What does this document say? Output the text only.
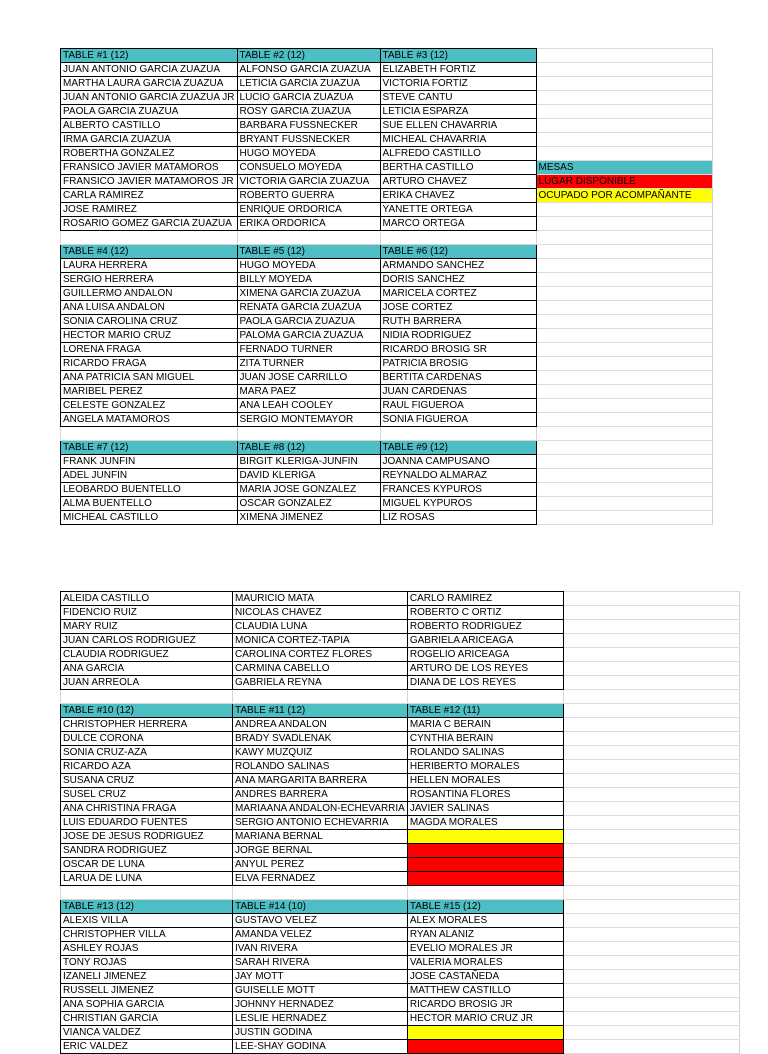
TABLE #1 (12)	TABLE #2 (12)	TABLE #3 (12)	
JUAN ANTONIO GARCIA ZUAZUA	ALFONSO GARCIA ZUAZUA	ELIZABETH FORTIZ	
MARTHA LAURA GARCIA ZUAZUA	LETICIA GARCIA ZUAZUA	VICTORIA FORTIZ	
JUAN ANTONIO GARCIA ZUAZUA JR	LUCIO GARCIA ZUAZUA	STEVE CANTU	
PAOLA GARCIA ZUAZUA	ROSY GARCIA ZUAZUA	LETICIA ESPARZA	
ALBERTO CASTILLO	BARBARA FUSSNECKER	SUE ELLEN CHAVARRIA	
IRMA GARCIA ZUAZUA	BRYANT FUSSNECKER	MICHEAL CHAVARRIA	
ROBERTHA GONZALEZ	HUGO MOYEDA	ALFREDO CASTILLO	
FRANSICO JAVIER MATAMOROS	CONSUELO MOYEDA	BERTHA CASTILLO	MESAS
FRANSICO JAVIER MATAMOROS JR	VICTORIA GARCIA ZUAZUA	ARTURO CHAVEZ	LUGAR DISPONIBLE
CARLA RAMIREZ	ROBERTO GUERRA	ERIKA CHAVEZ	OCUPADO POR ACOMPAÑANTE
JOSE RAMIREZ	ENRIQUE ORDORICA	YANETTE ORTEGA	
ROSARIO GOMEZ GARCIA ZUAZUA	ERIKA ORDORICA	MARCO ORTEGA	

TABLE #4 (12)	TABLE #5 (12)	TABLE #6 (12)	
LAURA HERRERA	HUGO MOYEDA	ARMANDO SANCHEZ	
SERGIO HERRERA	BILLY MOYEDA	DORIS SANCHEZ	
GUILLERMO ANDALON	XIMENA GARCIA ZUAZUA	MARICELA CORTEZ	
ANA LUISA ANDALON	RENATA GARCIA ZUAZUA	JOSE CORTEZ	
SONIA CAROLINA CRUZ	PAOLA GARCIA ZUAZUA	RUTH BARRERA	
HECTOR MARIO CRUZ	PALOMA GARCIA ZUAZUA	NIDIA RODRIGUEZ	
LORENA FRAGA	FERNADO TURNER	RICARDO BROSIG SR	
RICARDO FRAGA	ZITA TURNER	PATRICIA BROSIG	
ANA PATRICIA SAN MIGUEL	JUAN JOSE CARRILLO	BERTITA CARDENAS	
MARIBEL PEREZ	MARA PAEZ	JUAN CARDENAS	
CELESTE GONZALEZ	ANA LEAH COOLEY	RAUL FIGUEROA	
ANGELA MATAMOROS	SERGIO MONTEMAYOR	SONIA FIGUEROA	

TABLE #7 (12)	TABLE #8 (12)	TABLE #9 (12)	
FRANK JUNFIN	BIRGIT KLERIGA-JUNFIN	JOANNA CAMPUSANO	
ADEL JUNFIN	DAVID KLERIGA	REYNALDO ALMARAZ	
LEOBARDO BUENTELLO	MARIA JOSE GONZALEZ	FRANCES KYPUROS	
ALMA BUENTELLO	OSCAR GONZALEZ	MIGUEL KYPUROS	
MICHEAL CASTILLO	XIMENA JIMENEZ	LIZ ROSAS	
ALEIDA CASTILLO	MAURICIO MATA	CARLO RAMIREZ	
FIDENCIO RUIZ	NICOLAS CHAVEZ	ROBERTO C ORTIZ	
MARY RUIZ	CLAUDIA LUNA	ROBERTO RODRIGUEZ	
JUAN CARLOS RODRIGUEZ	MONICA CORTEZ-TAPIA	GABRIELA ARICEAGA	
CLAUDIA RODRIGUEZ	CAROLINA CORTEZ FLORES	ROGELIO ARICEAGA	
ANA GARCIA	CARMINA CABELLO	ARTURO DE LOS REYES	
JUAN ARREOLA	GABRIELA REYNA	DIANA DE LOS REYES	

TABLE #10 (12)	TABLE #11 (12)	TABLE #12 (11)	
CHRISTOPHER HERRERA	ANDREA ANDALON	MARIA C BERAIN	
DULCE CORONA	BRADY SVADLENAK	CYNTHIA BERAIN	
SONIA CRUZ-AZA	KAWY MUZQUIZ	ROLANDO SALINAS	
RICARDO AZA	ROLANDO SALINAS	HERIBERTO MORALES	
SUSANA CRUZ	ANA MARGARITA BARRERA	HELLEN MORALES	
SUSEL CRUZ	ANDRES BARRERA	ROSANTINA FLORES	
ANA CHRISTINA FRAGA	MARIAANA ANDALON-ECHEVARRIA	JAVIER SALINAS	
LUIS EDUARDO FUENTES	SERGIO ANTONIO ECHEVARRIA	MAGDA MORALES	
JOSE DE JESUS RODRIGUEZ	MARIANA BERNAL		
SANDRA RODRIGUEZ	JORGE BERNAL		
OSCAR DE LUNA	ANYUL PEREZ		
LARUA DE LUNA	ELVA FERNADEZ		

TABLE #13 (12)	TABLE #14 (10)	TABLE #15 (12)	
ALEXIS VILLA	GUSTAVO VELEZ	ALEX MORALES	
CHRISTOPHER VILLA	AMANDA VELEZ	RYAN ALANIZ	
ASHLEY ROJAS	IVAN RIVERA	EVELIO MORALES JR	
TONY ROJAS	SARAH RIVERA	VALERIA MORALES	
IZANELI JIMENEZ	JAY MOTT	JOSE CASTAÑEDA	
RUSSELL JIMENEZ	GUISELLE MOTT	MATTHEW CASTILLO	
ANA SOPHIA GARCIA	JOHNNY HERNADEZ	RICARDO BROSIG JR	
CHRISTIAN GARCIA	LESLIE HERNADEZ	HECTOR MARIO CRUZ JR	
VIANCA VALDEZ	JUSTIN GODINA		
ERIC VALDEZ	LEE-SHAY GODINA		
